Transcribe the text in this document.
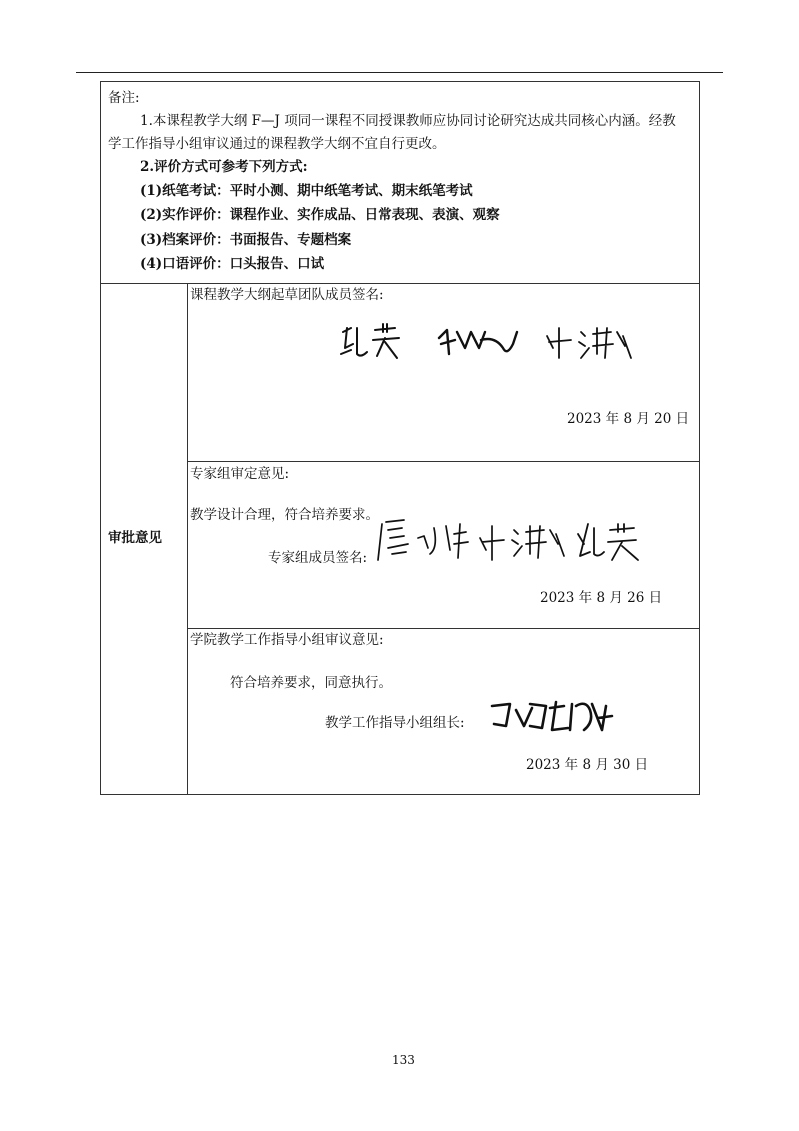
备注:
1.本课程教学大纲 F—J 项同一课程不同授课教师应协同讨论研究达成共同核心内涵。经教
学工作指导小组审议通过的课程教学大纲不宜自行更改。
2.评价方式可参考下列方式:
(1)纸笔考试：平时小测、期中纸笔考试、期末纸笔考试
(2)实作评价：课程作业、实作成品、日常表现、表演、观察
(3)档案评价：书面报告、专题档案
(4)口语评价：口头报告、口试
审批意见
课程教学大纲起草团队成员签名:
2023 年 8 月 20 日
专家组审定意见:
教学设计合理，符合培养要求。
专家组成员签名:
2023 年 8 月 26 日
学院教学工作指导小组审议意见:
符合培养要求，同意执行。
教学工作指导小组组长:
2023 年 8 月 30 日
133
